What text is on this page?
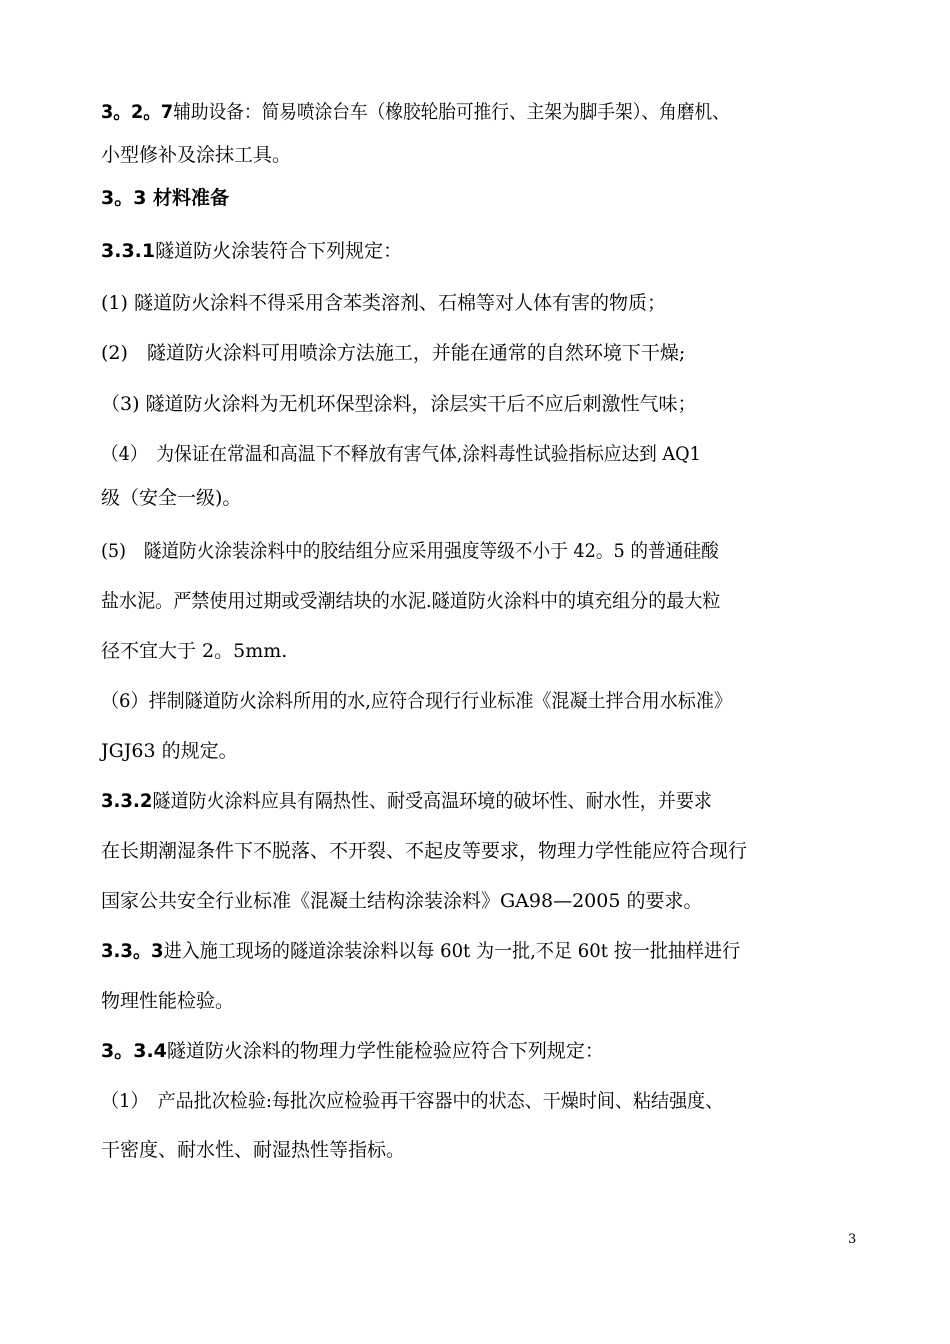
3。2。7辅助设备：简易喷涂台车（橡胶轮胎可推行、主架为脚手架）、角磨机、
小型修补及涂抹工具。
3。3 材料准备
3.3.1隧道防火涂装符合下列规定：
(1) 隧道防火涂料不得采用含苯类溶剂、石棉等对人体有害的物质；
(2)　隧道防火涂料可用喷涂方法施工，并能在通常的自然环境下干燥;
（3) 隧道防火涂料为无机环保型涂料，涂层实干后不应后刺激性气味；
（4）　为保证在常温和高温下不释放有害气体,涂料毒性试验指标应达到 AQ1
级（安全一级)。
(5)　隧道防火涂装涂料中的胶结组分应采用强度等级不小于 42。5 的普通硅酸
盐水泥。严禁使用过期或受潮结块的水泥.隧道防火涂料中的填充组分的最大粒
径不宜大于 2。5mm.
（6）拌制隧道防火涂料所用的水,应符合现行行业标准《混凝土拌合用水标准》
JGJ63 的规定。
3.3.2隧道防火涂料应具有隔热性、耐受高温环境的破坏性、耐水性，并要求
在长期潮湿条件下不脱落、不开裂、不起皮等要求，物理力学性能应符合现行
国家公共安全行业标准《混凝土结构涂装涂料》GA98—2005 的要求。
3.3。3进入施工现场的隧道涂装涂料以每 60t 为一批,不足 60t 按一批抽样进行
物理性能检验。
3。3.4隧道防火涂料的物理力学性能检验应符合下列规定：
（1）　产品批次检验:每批次应检验再干容器中的状态、干燥时间、粘结强度、
干密度、耐水性、耐湿热性等指标。
3
